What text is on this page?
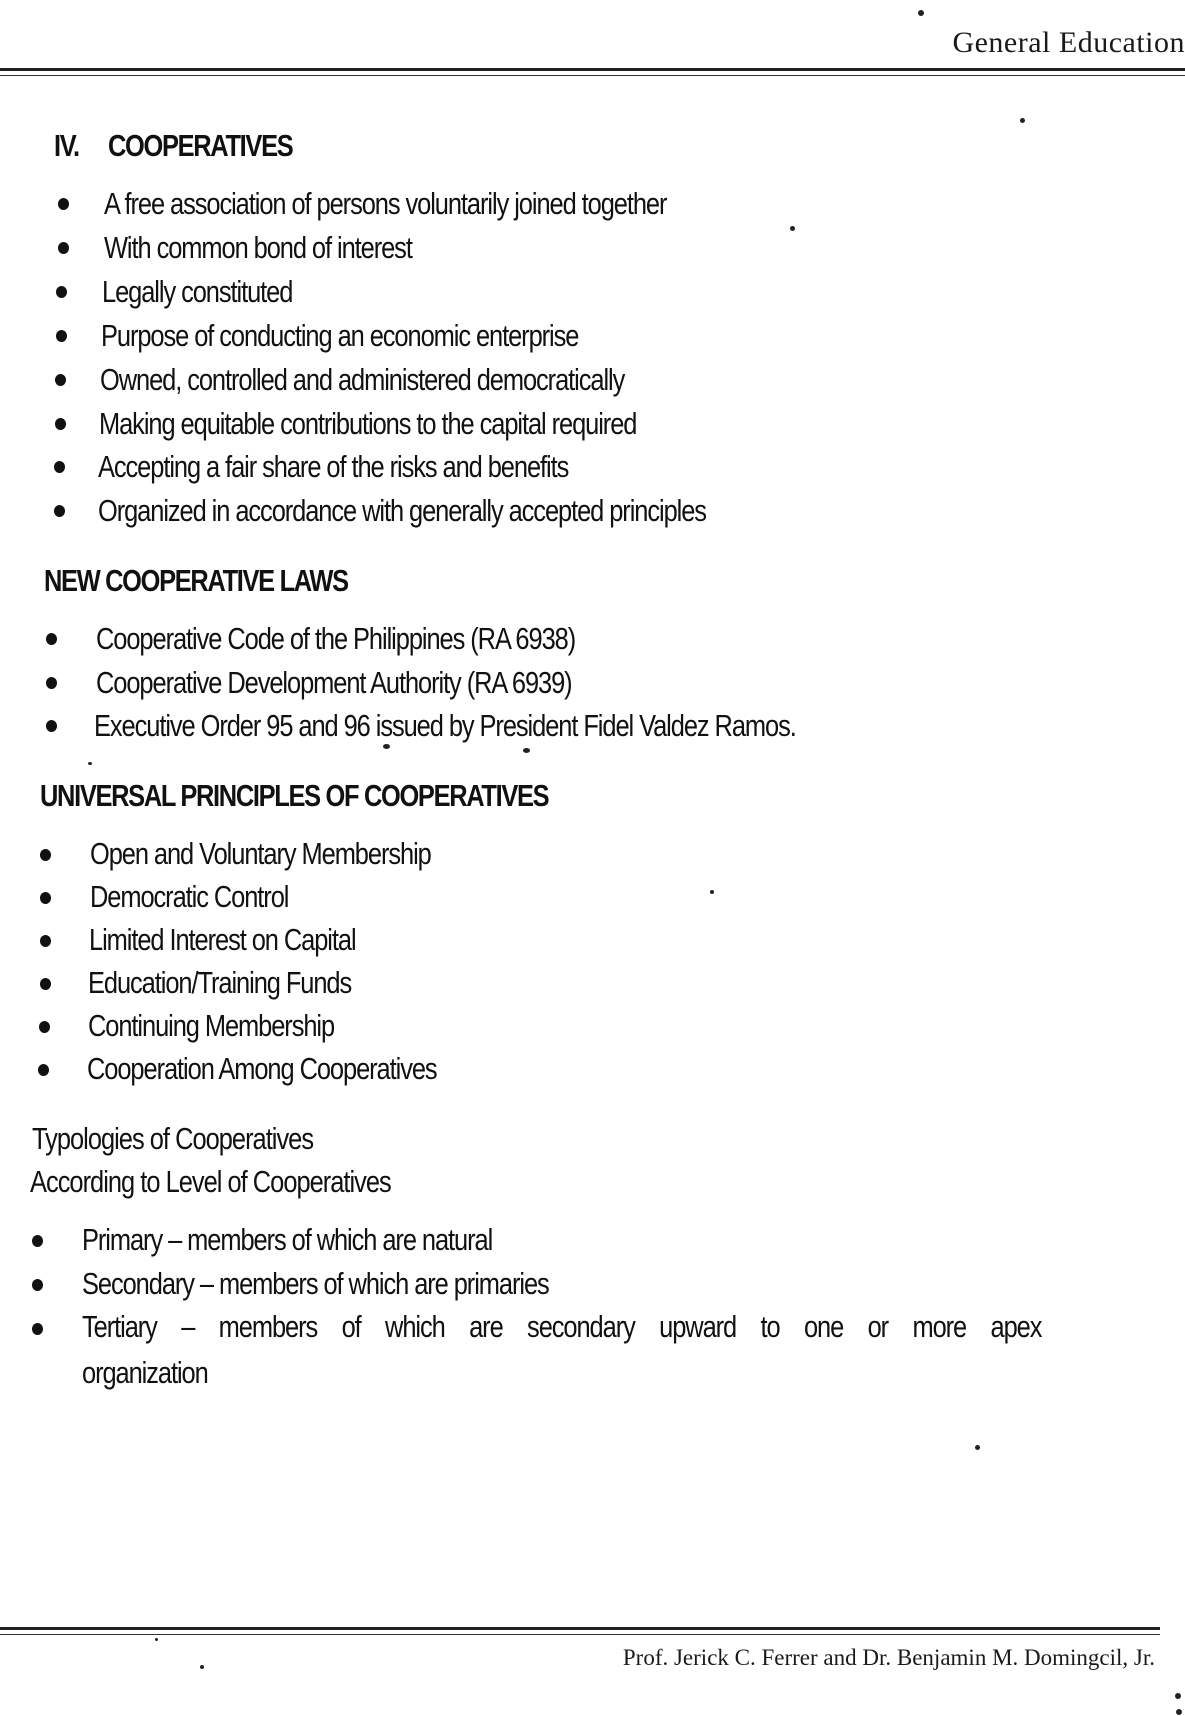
General Education
IV. COOPERATIVES
A free association of persons voluntarily joined together
With common bond of interest
Legally constituted
Purpose of conducting an economic enterprise
Owned, controlled and administered democratically
Making equitable contributions to the capital required
Accepting a fair share of the risks and benefits
Organized in accordance with generally accepted principles
NEW COOPERATIVE LAWS
Cooperative Code of the Philippines (RA 6938)
Cooperative Development Authority (RA 6939)
Executive Order 95 and 96 issued by President Fidel Valdez Ramos.
UNIVERSAL PRINCIPLES OF COOPERATIVES
Open and Voluntary Membership
Democratic Control
Limited Interest on Capital
Education/Training Funds
Continuing Membership
Cooperation Among Cooperatives
Typologies of Cooperatives
According to Level of Cooperatives
Primary – members of which are natural
Secondary – members of which are primaries
Tertiary – members of which are secondary upward to one or more apex organization
Prof. Jerick C. Ferrer and Dr. Benjamin M. Domingcil, Jr.
